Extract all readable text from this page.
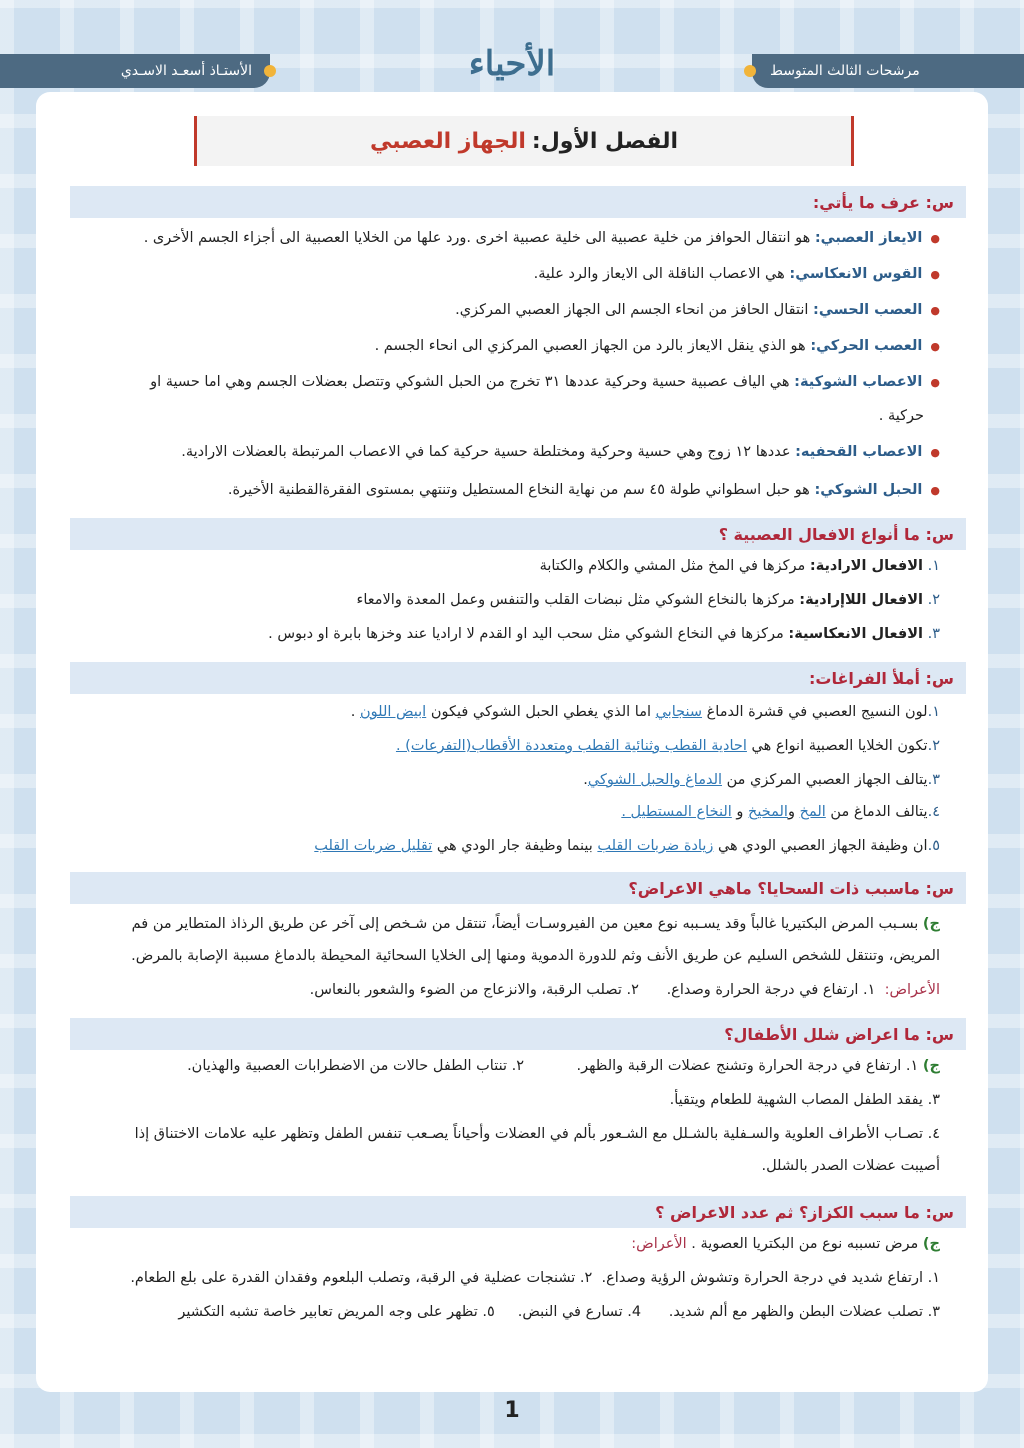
مرشحات الثالث المتوسط
الأستـاذ أسعـد الاسـدي	الأحياء
الفصل الأول:
الجهاز العصبي
س: عرف ما يأتي:
●الايعاز العصبي: هو انتقال الحوافز من خلية عصبية الى خلية عصبية اخرى .ورد علها من الخلايا العصبية الى أجزاء الجسم الأخرى .
●القوس الانعكاسي: هي الاعصاب الناقلة الى الايعاز والرد علية.
●العصب الحسي: انتقال الحافز من انحاء الجسم الى الجهاز العصبي المركزي.
●العصب الحركي: هو الذي ينقل الايعاز بالرد من الجهاز العصبي المركزي الى انحاء الجسم .
●الاعصاب الشوكية: هي الياف عصبية حسية وحركية عددها ٣١ تخرج من الحبل الشوكي وتتصل بعضلات الجسم وهي اما حسية او
حركية .
●الاعصاب القحفيه: عددها ١٢ زوج وهي حسية وحركية ومختلطة حسية حركية كما في الاعصاب المرتبطة بالعضلات الارادية.
●الحبل الشوكي: هو حبل اسطواني طولة ٤٥ سم من نهاية النخاع المستطيل وتنتهي بمستوى الفقرةالقطنية الأخيرة.
س: ما أنواع الافعال العصبية ؟
١. الافعال الارادية: مركزها في المخ مثل المشي والكلام والكتابة
٢. الافعال اللاإرادية: مركزها بالنخاع الشوكي مثل نبضات القلب والتنفس وعمل المعدة والامعاء
٣. الافعال الانعكاسية: مركزها في النخاع الشوكي مثل سحب اليد او القدم لا اراديا عند وخزها بابرة او دبوس .
س: أملأ الفراغات:
١.لون النسيج العصبي في قشرة الدماغ سنجابي اما الذي يغطي الحبل الشوكي فيكون ابيض اللون .
٢.تكون الخلايا العصبية انواع هي احادية القطب وثنائية القطب ومتعددة الأقطاب(التفرعات) .
٣.يتالف الجهاز العصبي المركزي من الدماغ والحبل الشوكي.
٤.يتالف الدماغ من المخ والمخيخ و النخاع المستطيل .
٥.ان وظيفة الجهاز العصبي الودي هي زيادة ضربات القلب بينما وظيفة جار الودي هي تقليل ضربات القلب
س: ماسبب ذات السحايا؟ ماهي الاعراض؟
ج) بسـبب المرض البكتيريا غالباً وقد يسـببه نوع معين من الفيروسـات أيضاً، تنتقل من شـخص إلى آخر عن طريق الرذاذ المتطاير من فم
المريض، وتنتقل للشخص السليم عن طريق الأنف وثم للدورة الدموية ومنها إلى الخلايا السحائية المحيطة بالدماغ مسببة الإصابة بالمرض.
الأعراض:  ١. ارتفاع في درجة الحرارة وصداع.      ٢. تصلب الرقبة، والانزعاج من الضوء والشعور بالنعاس.
س: ما اعراض شلل الأطفال؟
ج) ١. ارتفاع في درجة الحرارة وتشنج عضلات الرقبة والظهر.
٢. تنتاب الطفل حالات من الاضطرابات العصبية والهذيان.
٣. يفقد الطفل المصاب الشهية للطعام ويتقيأ.
٤. تصـاب الأطراف العلوية والسـفلية بالشـلل مع الشـعور بألم في العضلات وأحياناً يصـعب تنفس الطفل وتظهر عليه علامات الاختناق إذا
أصيبت عضلات الصدر بالشلل.
س: ما سبب الكزاز؟ ثم عدد الاعراض ؟
ج) مرض تسببه نوع من البكتريا العصوية . الأعراض:
١. ارتفاع شديد في درجة الحرارة وتشوش الرؤية وصداع.  ٢. تشنجات عضلية في الرقبة، وتصلب البلعوم وفقدان القدرة على بلع الطعام.
٣. تصلب عضلات البطن والظهر مع ألم شديد.      4. تسارع في النبض.     ٥. تظهر على وجه المريض تعابير خاصة تشبه التكشير
1
